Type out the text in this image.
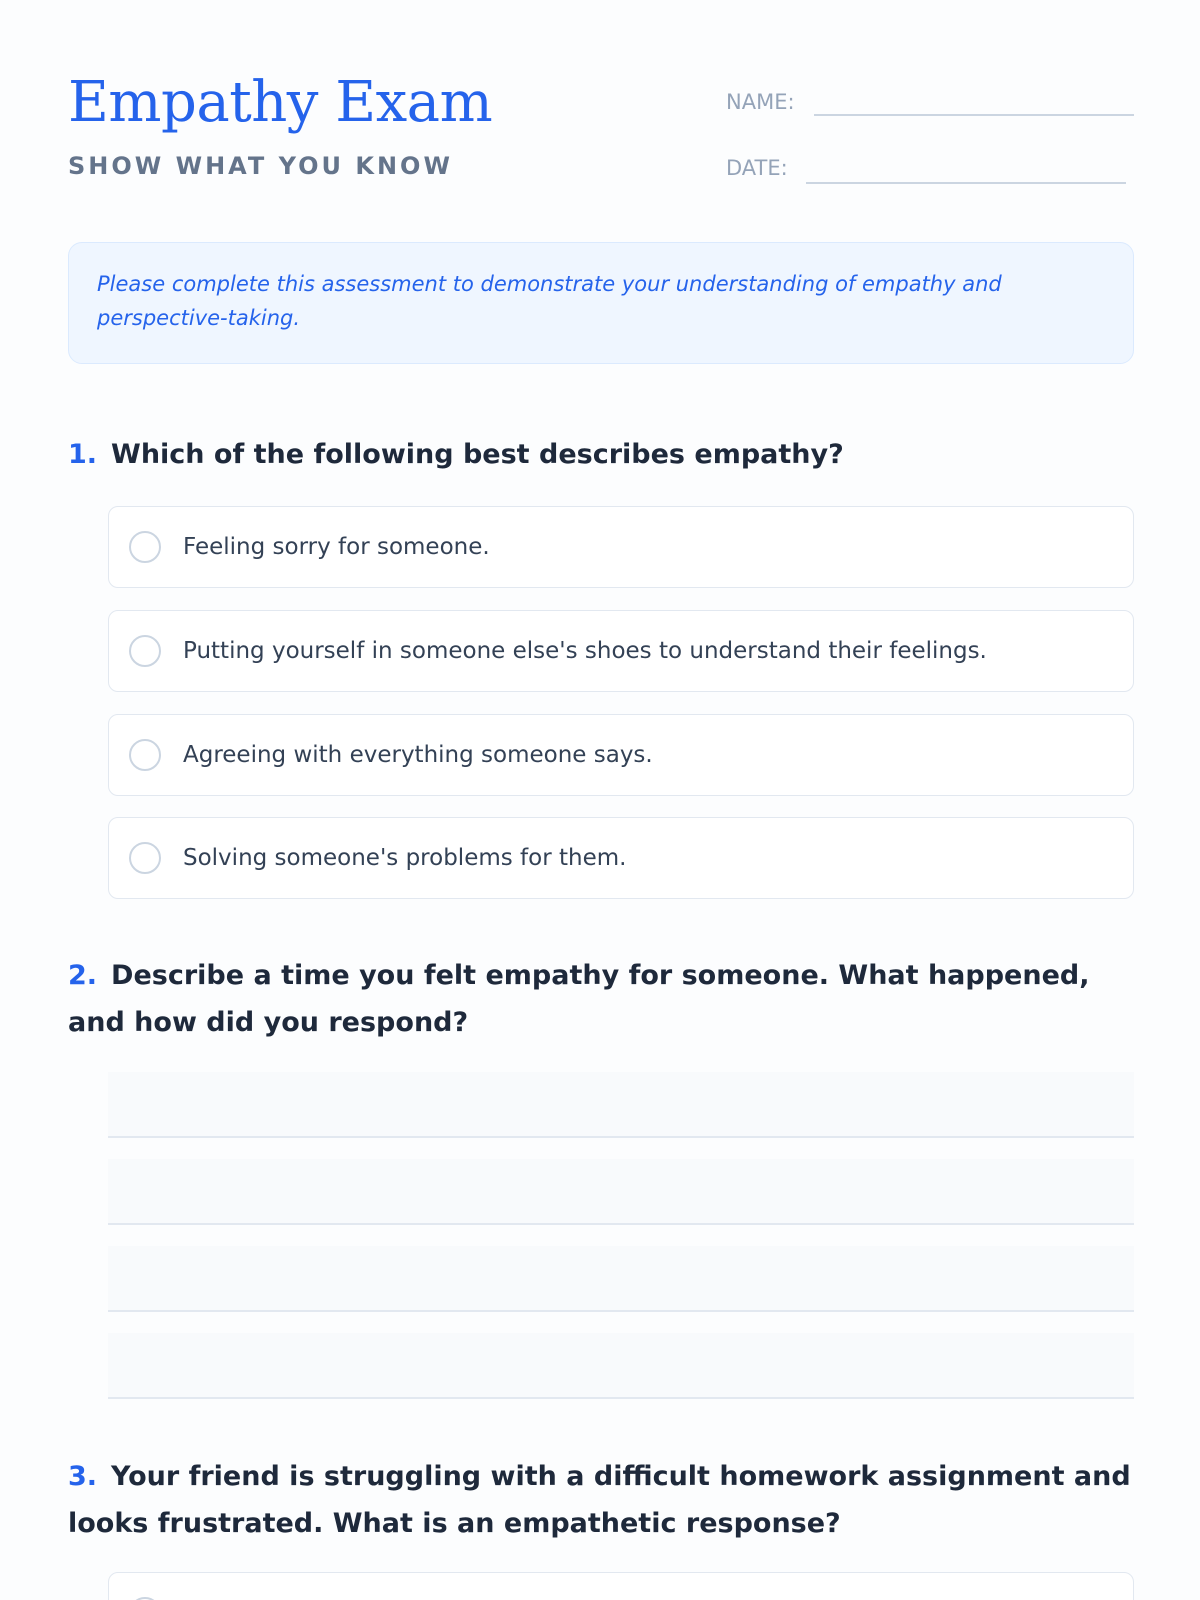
Empathy Exam
SHOW WHAT YOU KNOW
NAME:
DATE:

Please complete this assessment to demonstrate your understanding of empathy and perspective-taking.

1. Which of the following best describes empathy?

Feeling sorry for someone.
Putting yourself in someone else's shoes to understand their feelings.
Agreeing with everything someone says.
Solving someone's problems for them.

2. Describe a time you felt empathy for someone. What happened, and how did you respond?

3. Your friend is struggling with a difficult homework assignment and looks frustrated. What is an empathetic response?
